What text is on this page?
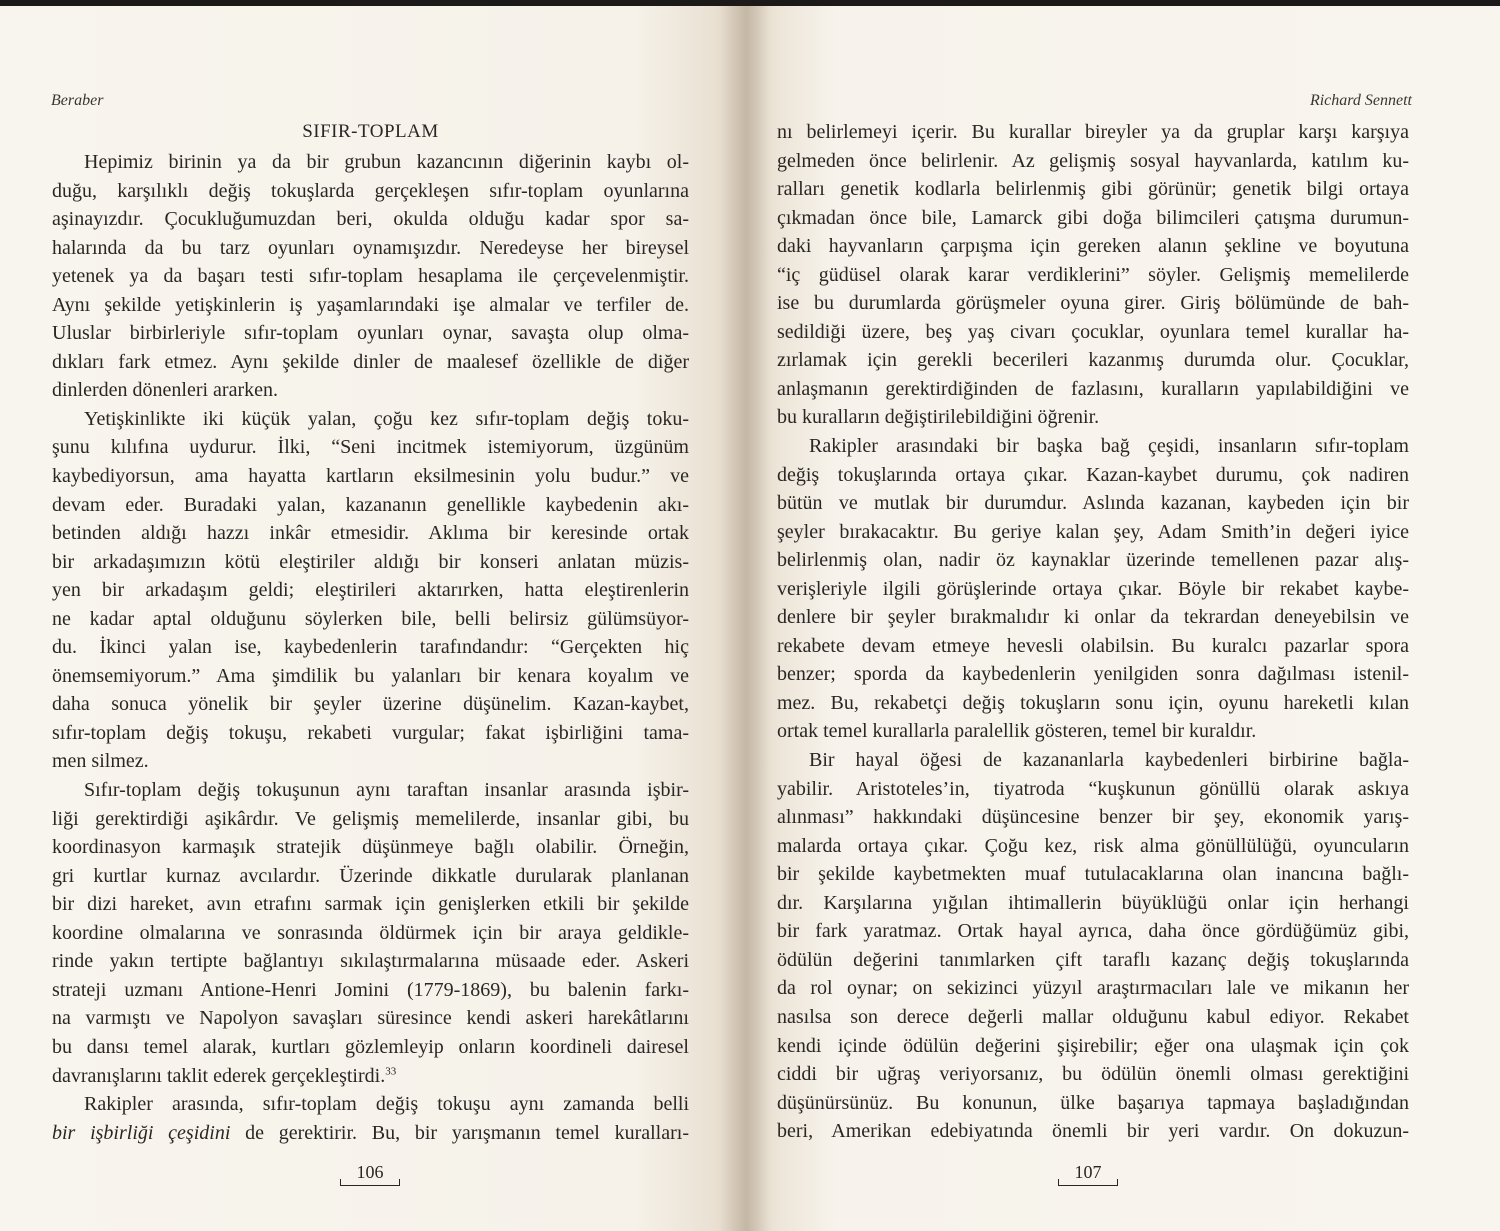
Beraber
SIFIR-TOPLAM
Hepimiz birinin ya da bir grubun kazancının diğerinin kaybı ol-
duğu, karşılıklı değiş tokuşlarda gerçekleşen sıfır-toplam oyunlarına
aşinayızdır. Çocukluğumuzdan beri, okulda olduğu kadar spor sa-
halarında da bu tarz oyunları oynamışızdır. Neredeyse her bireysel
yetenek ya da başarı testi sıfır-toplam hesaplama ile çerçevelenmiştir.
Aynı şekilde yetişkinlerin iş yaşamlarındaki işe almalar ve terfiler de.
Uluslar birbirleriyle sıfır-toplam oyunları oynar, savaşta olup olma-
dıkları fark etmez. Aynı şekilde dinler de maalesef özellikle de diğer
dinlerden dönenleri ararken.
Yetişkinlikte iki küçük yalan, çoğu kez sıfır-toplam değiş toku-
şunu kılıfına uydurur. İlki, “Seni incitmek istemiyorum, üzgünüm
kaybediyorsun, ama hayatta kartların eksilmesinin yolu budur.” ve
devam eder. Buradaki yalan, kazananın genellikle kaybedenin akı-
betinden aldığı hazzı inkâr etmesidir. Aklıma bir keresinde ortak
bir arkadaşımızın kötü eleştiriler aldığı bir konseri anlatan müzis-
yen bir arkadaşım geldi; eleştirileri aktarırken, hatta eleştirenlerin
ne kadar aptal olduğunu söylerken bile, belli belirsiz gülümsüyor-
du. İkinci yalan ise, kaybedenlerin tarafındandır: “Gerçekten hiç
önemsemiyorum.” Ama şimdilik bu yalanları bir kenara koyalım ve
daha sonuca yönelik bir şeyler üzerine düşünelim. Kazan-kaybet,
sıfır-toplam değiş tokuşu, rekabeti vurgular; fakat işbirliğini tama-
men silmez.
Sıfır-toplam değiş tokuşunun aynı taraftan insanlar arasında işbir-
liği gerektirdiği aşikârdır. Ve gelişmiş memelilerde, insanlar gibi, bu
koordinasyon karmaşık stratejik düşünmeye bağlı olabilir. Örneğin,
gri kurtlar kurnaz avcılardır. Üzerinde dikkatle durularak planlanan
bir dizi hareket, avın etrafını sarmak için genişlerken etkili bir şekilde
koordine olmalarına ve sonrasında öldürmek için bir araya geldikle-
rinde yakın tertipte bağlantıyı sıkılaştırmalarına müsaade eder. Askeri
strateji uzmanı Antione-Henri Jomini (1779-1869), bu balenin farkı-
na varmıştı ve Napolyon savaşları süresince kendi askeri harekâtlarını
bu dansı temel alarak, kurtları gözlemleyip onların koordineli dairesel
davranışlarını taklit ederek gerçekleştirdi.$^{33}$
Rakipler arasında, sıfır-toplam değiş tokuşu aynı zamanda belli
bir işbirliği çeşidini de gerektirir. Bu, bir yarışmanın temel kuralları-
106
Richard Sennett
nı belirlemeyi içerir. Bu kurallar bireyler ya da gruplar karşı karşıya
gelmeden önce belirlenir. Az gelişmiş sosyal hayvanlarda, katılım ku-
ralları genetik kodlarla belirlenmiş gibi görünür; genetik bilgi ortaya
çıkmadan önce bile, Lamarck gibi doğa bilimcileri çatışma durumun-
daki hayvanların çarpışma için gereken alanın şekline ve boyutuna
“iç güdüsel olarak karar verdiklerini” söyler. Gelişmiş memelilerde
ise bu durumlarda görüşmeler oyuna girer. Giriş bölümünde de bah-
sedildiği üzere, beş yaş civarı çocuklar, oyunlara temel kurallar ha-
zırlamak için gerekli becerileri kazanmış durumda olur. Çocuklar,
anlaşmanın gerektirdiğinden de fazlasını, kuralların yapılabildiğini ve
bu kuralların değiştirilebildiğini öğrenir.
Rakipler arasındaki bir başka bağ çeşidi, insanların sıfır-toplam
değiş tokuşlarında ortaya çıkar. Kazan-kaybet durumu, çok nadiren
bütün ve mutlak bir durumdur. Aslında kazanan, kaybeden için bir
şeyler bırakacaktır. Bu geriye kalan şey, Adam Smith’in değeri iyice
belirlenmiş olan, nadir öz kaynaklar üzerinde temellenen pazar alış-
verişleriyle ilgili görüşlerinde ortaya çıkar. Böyle bir rekabet kaybe-
denlere bir şeyler bırakmalıdır ki onlar da tekrardan deneyebilsin ve
rekabete devam etmeye hevesli olabilsin. Bu kuralcı pazarlar spora
benzer; sporda da kaybedenlerin yenilgiden sonra dağılması istenil-
mez. Bu, rekabetçi değiş tokuşların sonu için, oyunu hareketli kılan
ortak temel kurallarla paralellik gösteren, temel bir kuraldır.
Bir hayal öğesi de kazananlarla kaybedenleri birbirine bağla-
yabilir. Aristoteles’in, tiyatroda “kuşkunun gönüllü olarak askıya
alınması” hakkındaki düşüncesine benzer bir şey, ekonomik yarış-
malarda ortaya çıkar. Çoğu kez, risk alma gönüllülüğü, oyuncuların
bir şekilde kaybetmekten muaf tutulacaklarına olan inancına bağlı-
dır. Karşılarına yığılan ihtimallerin büyüklüğü onlar için herhangi
bir fark yaratmaz. Ortak hayal ayrıca, daha önce gördüğümüz gibi,
ödülün değerini tanımlarken çift taraflı kazanç değiş tokuşlarında
da rol oynar; on sekizinci yüzyıl araştırmacıları lale ve mikanın her
nasılsa son derece değerli mallar olduğunu kabul ediyor. Rekabet
kendi içinde ödülün değerini şişirebilir; eğer ona ulaşmak için çok
ciddi bir uğraş veriyorsanız, bu ödülün önemli olması gerektiğini
düşünürsünüz. Bu konunun, ülke başarıya tapmaya başladığından
beri, Amerikan edebiyatında önemli bir yeri vardır. On dokuzun-
107
